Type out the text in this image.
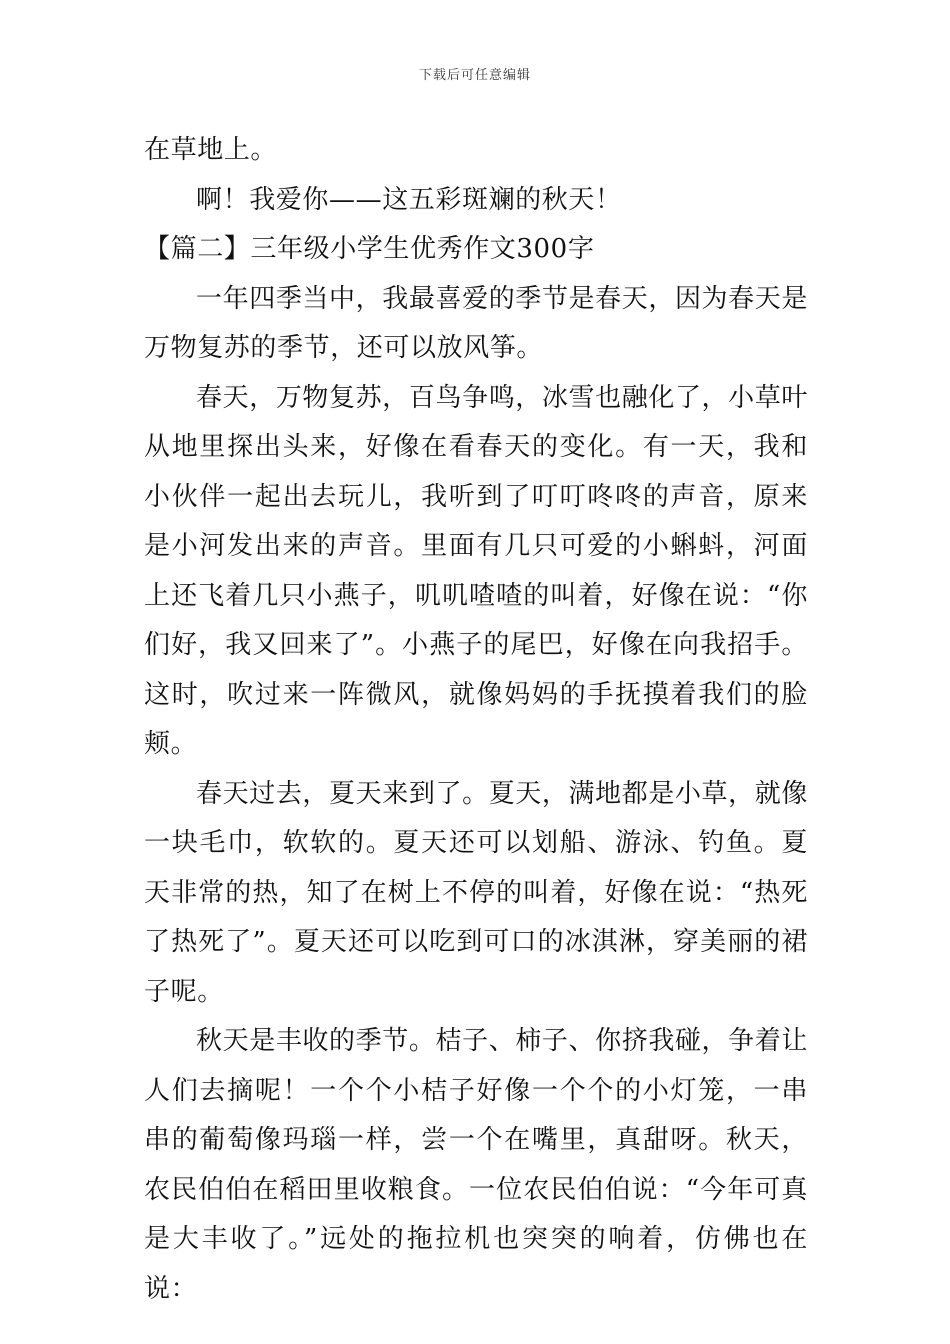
下载后可任意编辑

在草地上。

啊！我爱你——这五彩斑斓的秋天！

【篇二】三年级小学生优秀作文300字

一年四季当中，我最喜爱的季节是春天，因为春天是万物复苏的季节，还可以放风筝。

春天，万物复苏，百鸟争鸣，冰雪也融化了，小草叶从地里探出头来，好像在看春天的变化。有一天，我和小伙伴一起出去玩儿，我听到了叮叮咚咚的声音，原来是小河发出来的声音。里面有几只可爱的小蝌蚪，河面上还飞着几只小燕子，叽叽喳喳的叫着，好像在说：“你们好，我又回来了”。小燕子的尾巴，好像在向我招手。这时，吹过来一阵微风，就像妈妈的手抚摸着我们的脸颊。

春天过去，夏天来到了。夏天，满地都是小草，就像一块毛巾，软软的。夏天还可以划船、游泳、钓鱼。夏天非常的热，知了在树上不停的叫着，好像在说：“热死了热死了”。夏天还可以吃到可口的冰淇淋，穿美丽的裙子呢。

秋天是丰收的季节。桔子、柿子、你挤我碰，争着让人们去摘呢！一个个小桔子好像一个个的小灯笼，一串串的葡萄像玛瑙一样，尝一个在嘴里，真甜呀。秋天，农民伯伯在稻田里收粮食。一位农民伯伯说：“今年可真是大丰收了。”远处的拖拉机也突突的响着，仿佛也在说：
